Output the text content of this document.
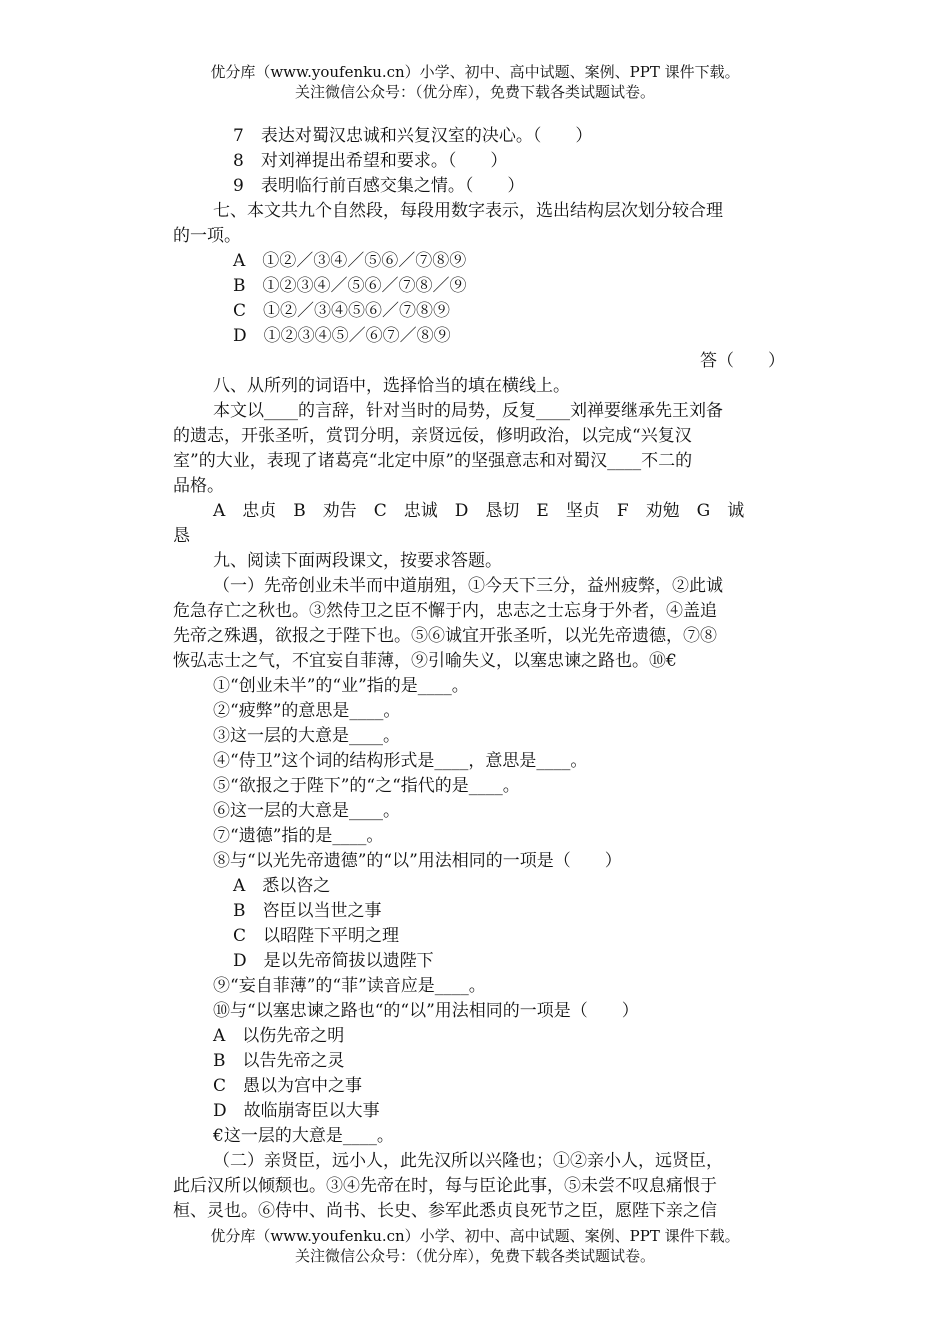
优分库（www.youfenku.cn）小学、初中、高中试题、案例、PPT 课件下载。
关注微信公众号：（优分库），免费下载各类试题试卷。

7　表达对蜀汉忠诚和兴复汉室的决心。（　　）

8　对刘禅提出希望和要求。（　　）

9　表明临行前百感交集之情。（　　）

七、本文共九个自然段，每段用数字表示，选出结构层次划分较合理

的一项。

A　①②／③④／⑤⑥／⑦⑧⑨

B　①②③④／⑤⑥／⑦⑧／⑨

C　①②／③④⑤⑥／⑦⑧⑨

D　①②③④⑤／⑥⑦／⑧⑨

答（　　）

八、从所列的词语中，选择恰当的填在横线上。

本文以____的言辞，针对当时的局势，反复____刘禅要继承先王刘备

的遗志，开张圣听，赏罚分明，亲贤远佞，修明政治，以完成“兴复汉

室”的大业，表现了诸葛亮“北定中原”的坚强意志和对蜀汉____不二的

品格。

A　忠贞　B　劝告　C　忠诚　D　恳切　E　坚贞　F　劝勉　G　诚

恳

九、阅读下面两段课文，按要求答题。

（一）先帝创业未半而中道崩殂，①今天下三分，益州疲弊，②此诚

危急存亡之秋也。③然侍卫之臣不懈于内，忠志之士忘身于外者，④盖追

先帝之殊遇，欲报之于陛下也。⑤⑥诚宜开张圣听，以光先帝遗德，⑦⑧

恢弘志士之气，不宜妄自菲薄，⑨引喻失义，以塞忠谏之路也。⑩€

①“创业未半”的“业”指的是____。

②“疲弊”的意思是____。

③这一层的大意是____。

④“侍卫”这个词的结构形式是____，意思是____。

⑤“欲报之于陛下”的“之“指代的是____。

⑥这一层的大意是____。

⑦“遗德”指的是____。

⑧与“以光先帝遗德”的“以”用法相同的一项是（　　）

A　悉以咨之

B　咨臣以当世之事

C　以昭陛下平明之理

D　是以先帝简拔以遗陛下

⑨“妄自菲薄”的“菲”读音应是____。

⑩与“以塞忠谏之路也“的“以”用法相同的一项是（　　）

A　以伤先帝之明

B　以告先帝之灵

C　愚以为宫中之事

D　故临崩寄臣以大事

€这一层的大意是____。

（二）亲贤臣，远小人，此先汉所以兴隆也；①②亲小人，远贤臣，

此后汉所以倾颓也。③④先帝在时，每与臣论此事，⑤未尝不叹息痛恨于

桓、灵也。⑥侍中、尚书、长史、参军此悉贞良死节之臣，愿陛下亲之信

优分库（www.youfenku.cn）小学、初中、高中试题、案例、PPT 课件下载。
关注微信公众号：（优分库），免费下载各类试题试卷。
